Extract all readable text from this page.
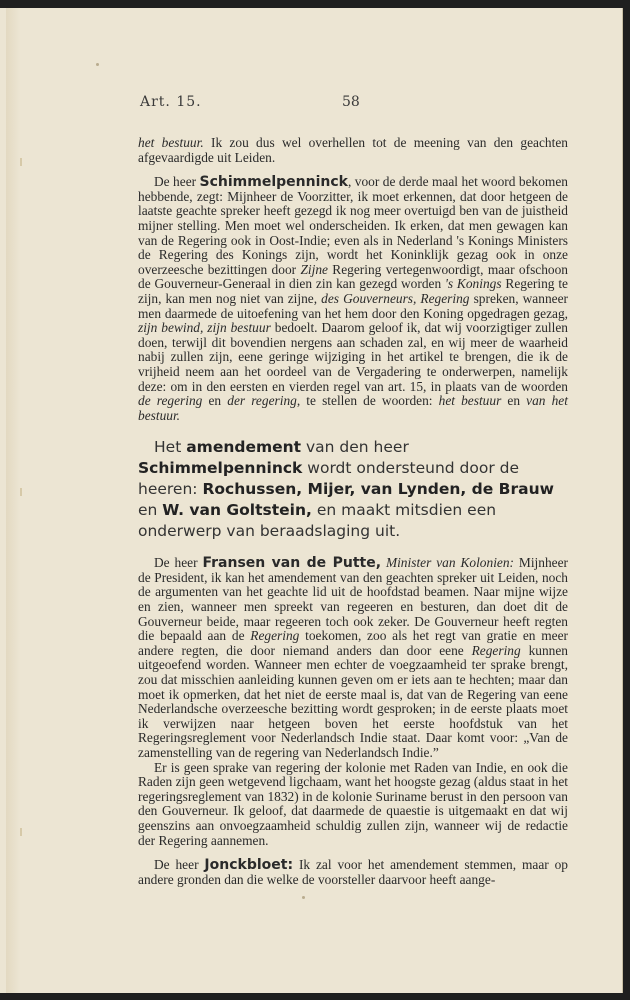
Art. 15.	58

het bestuur. Ik zou dus wel overhellen tot de meening van den geachten afgevaardigde uit Leiden.

De heer Schimmelpenninck, voor de derde maal het woord bekomen hebbende, zegt: Mijnheer de Voorzitter, ik moet erkennen, dat door hetgeen de laatste geachte spreker heeft gezegd ik nog meer overtuigd ben van de juistheid mijner stelling. Men moet wel onderscheiden. Ik erken, dat men gewagen kan van de Regering ook in Oost-Indie; even als in Nederland 's Konings Ministers de Regering des Konings zijn, wordt het Koninklijk gezag ook in onze overzeesche bezittingen door Zijne Regering vertegenwoordigt, maar ofschoon de Gouverneur-Generaal in dien zin kan gezegd worden 's Konings Regering te zijn, kan men nog niet van zijne, des Gouverneurs, Regering spreken, wanneer men daarmede de uitoefening van het hem door den Koning opgedragen gezag, zijn bewind, zijn bestuur bedoelt. Daarom geloof ik, dat wij voorzigtiger zullen doen, terwijl dit bovendien nergens aan schaden zal, en wij meer de waarheid nabij zullen zijn, eene geringe wijziging in het artikel te brengen, die ik de vrijheid neem aan het oordeel van de Vergadering te onderwerpen, namelijk deze: om in den eersten en vierden regel van art. 15, in plaats van de woorden de regering en der regering, te stellen de woorden: het bestuur en van het bestuur.

Het amendement van den heer Schimmelpenninck wordt ondersteund door de heeren: Rochussen, Mijer, van Lynden, de Brauw en W. van Goltstein, en maakt mitsdien een onderwerp van beraadslaging uit.

De heer Fransen van de Putte, Minister van Kolonien: Mijnheer de President, ik kan het amendement van den geachten spreker uit Leiden, noch de argumenten van het geachte lid uit de hoofdstad beamen. Naar mijne wijze en zien, wanneer men spreekt van regeeren en besturen, dan doet dit de Gouverneur beide, maar regeeren toch ook zeker. De Gouverneur heeft regten die bepaald aan de Regering toekomen, zoo als het regt van gratie en meer andere regten, die door niemand anders dan door eene Regering kunnen uitgeoefend worden. Wanneer men echter de voegzaamheid ter sprake brengt, zou dat misschien aanleiding kunnen geven om er iets aan te hechten; maar dan moet ik opmerken, dat het niet de eerste maal is, dat van de Regering van eene Nederlandsche overzeesche bezitting wordt gesproken; in de eerste plaats moet ik verwijzen naar hetgeen boven het eerste hoofdstuk van het Regeringsreglement voor Nederlandsch Indie staat. Daar komt voor: „Van de zamenstelling van de regering van Nederlandsch Indie.”

Er is geen sprake van regering der kolonie met Raden van Indie, en ook die Raden zijn geen wetgevend ligchaam, want het hoogste gezag (aldus staat in het regeringsreglement van 1832) in de kolonie Suriname berust in den persoon van den Gouverneur. Ik geloof, dat daarmede de quaestie is uitgemaakt en dat wij geenszins aan onvoegzaamheid schuldig zullen zijn, wanneer wij de redactie der Regering aannemen.

De heer Jonckbloet: Ik zal voor het amendement stemmen, maar op andere gronden dan die welke de voorsteller daarvoor heeft aange-
